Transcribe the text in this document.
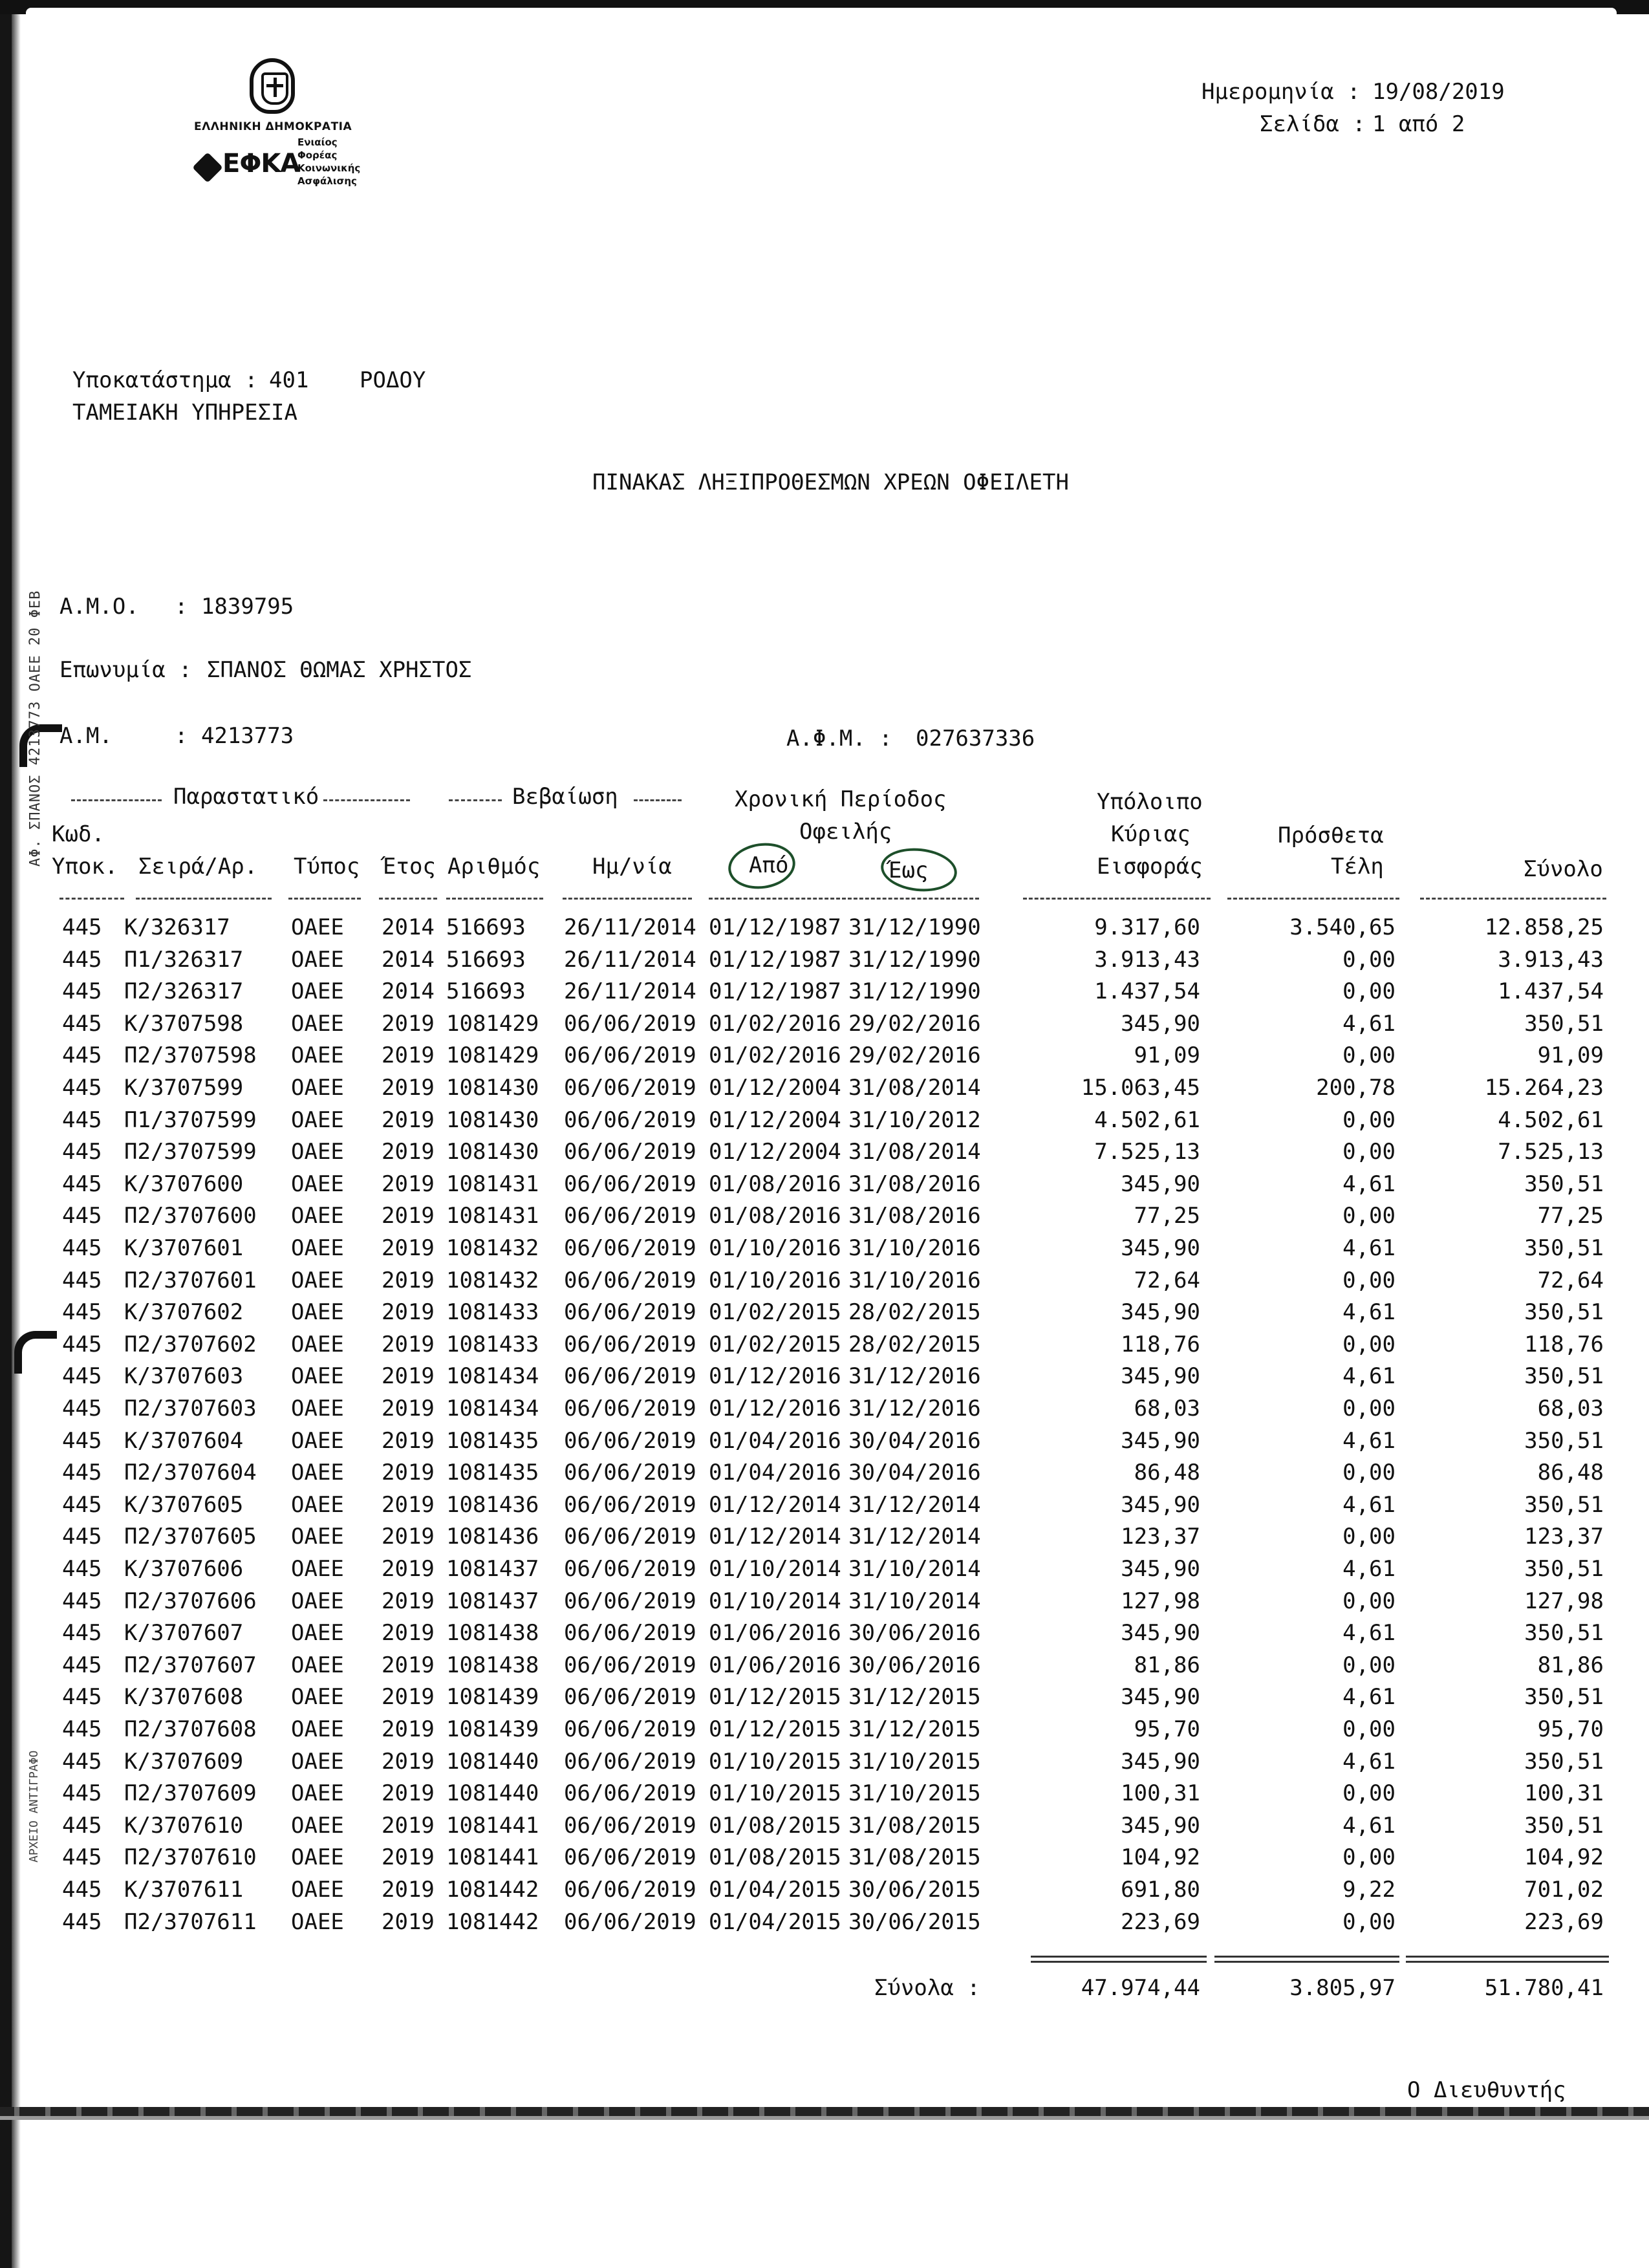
ΑΦ. ΣΠΑΝΟΣ 4213773 ΟΑΕΕ 20 ΦΕΒ
ΑΡΧΕΙΟ ΑΝΤΙΓΡΑΦΟ
ΕΛΛΗΝΙΚΗ ΔΗΜΟΚΡΑΤΙΑ
ΕΦΚΑ
Ενιαίος
Φορέας
Κοινωνικής
Ασφάλισης
Ημερομηνία : 19/08/2019
Σελίδα : 1 από 2
Υποκατάστημα : 401 ΡΟΔΟΥ
ΤΑΜΕΙΑΚΗ ΥΠΗΡΕΣΙΑ
ΠΙΝΑΚΑΣ ΛΗΞΙΠΡΟΘΕΣΜΩΝ ΧΡΕΩΝ ΟΦΕΙΛΕΤΗ
Α.Μ.Ο. : 1839795
Επωνυμία : ΣΠΑΝΟΣ ΘΩΜΑΣ ΧΡΗΣΤΟΣ
Α.Μ.	: 4213773	Α.Φ.Μ. : 027637336
Παραστατικό	Βεβαίωση	Χρονική Περίοδος
Οφειλής
Υπόλοιπο
Κύριας
Εισφοράς
Πρόσθετα
Τέλη
Κωδ.
Υποκ. Σειρά/Αρ. Τύπος Έτος Αριθμός Ημ/νία	Από	Έως	Σύνολο
445 Κ/326317	ΟΑΕΕ 2014 516693 26/11/2014 01/12/1987 31/12/1990	9.317,60	3.540,65	12.858,25
445 Π1/326317 ΟΑΕΕ 2014 516693 26/11/2014 01/12/1987 31/12/1990	3.913,43	0,00	3.913,43
445 Π2/326317 ΟΑΕΕ 2014 516693 26/11/2014 01/12/1987 31/12/1990	1.437,54	0,00	1.437,54
445 Κ/3707598 ΟΑΕΕ 2019 1081429 06/06/2019 01/02/2016 29/02/2016	345,90	4,61	350,51
445 Π2/3707598 ΟΑΕΕ 2019 1081429 06/06/2019 01/02/2016 29/02/2016	91,09	0,00	91,09
445 Κ/3707599 ΟΑΕΕ 2019 1081430 06/06/2019 01/12/2004 31/08/2014	15.063,45	200,78	15.264,23
445 Π1/3707599 ΟΑΕΕ 2019 1081430 06/06/2019 01/12/2004 31/10/2012	4.502,61	0,00	4.502,61
445 Π2/3707599 ΟΑΕΕ 2019 1081430 06/06/2019 01/12/2004 31/08/2014	7.525,13	0,00	7.525,13
445 Κ/3707600 ΟΑΕΕ 2019 1081431 06/06/2019 01/08/2016 31/08/2016	345,90	4,61	350,51
445 Π2/3707600 ΟΑΕΕ 2019 1081431 06/06/2019 01/08/2016 31/08/2016	77,25	0,00	77,25
445 Κ/3707601 ΟΑΕΕ 2019 1081432 06/06/2019 01/10/2016 31/10/2016	345,90	4,61	350,51
445 Π2/3707601 ΟΑΕΕ 2019 1081432 06/06/2019 01/10/2016 31/10/2016	72,64	0,00	72,64
445 Κ/3707602 ΟΑΕΕ 2019 1081433 06/06/2019 01/02/2015 28/02/2015	345,90	4,61	350,51
445 Π2/3707602 ΟΑΕΕ 2019 1081433 06/06/2019 01/02/2015 28/02/2015	118,76	0,00	118,76
445 Κ/3707603 ΟΑΕΕ 2019 1081434 06/06/2019 01/12/2016 31/12/2016	345,90	4,61	350,51
445 Π2/3707603 ΟΑΕΕ 2019 1081434 06/06/2019 01/12/2016 31/12/2016	68,03	0,00	68,03
445 Κ/3707604 ΟΑΕΕ 2019 1081435 06/06/2019 01/04/2016 30/04/2016	345,90	4,61	350,51
445 Π2/3707604 ΟΑΕΕ 2019 1081435 06/06/2019 01/04/2016 30/04/2016	86,48	0,00	86,48
445 Κ/3707605 ΟΑΕΕ 2019 1081436 06/06/2019 01/12/2014 31/12/2014	345,90	4,61	350,51
445 Π2/3707605 ΟΑΕΕ 2019 1081436 06/06/2019 01/12/2014 31/12/2014	123,37	0,00	123,37
445 Κ/3707606 ΟΑΕΕ 2019 1081437 06/06/2019 01/10/2014 31/10/2014	345,90	4,61	350,51
445 Π2/3707606 ΟΑΕΕ 2019 1081437 06/06/2019 01/10/2014 31/10/2014	127,98	0,00	127,98
445 Κ/3707607 ΟΑΕΕ 2019 1081438 06/06/2019 01/06/2016 30/06/2016	345,90	4,61	350,51
445 Π2/3707607 ΟΑΕΕ 2019 1081438 06/06/2019 01/06/2016 30/06/2016	81,86	0,00	81,86
445 Κ/3707608 ΟΑΕΕ 2019 1081439 06/06/2019 01/12/2015 31/12/2015	345,90	4,61	350,51
445 Π2/3707608 ΟΑΕΕ 2019 1081439 06/06/2019 01/12/2015 31/12/2015	95,70	0,00	95,70
445 Κ/3707609 ΟΑΕΕ 2019 1081440 06/06/2019 01/10/2015 31/10/2015	345,90	4,61	350,51
445 Π2/3707609 ΟΑΕΕ 2019 1081440 06/06/2019 01/10/2015 31/10/2015	100,31	0,00	100,31
445 Κ/3707610 ΟΑΕΕ 2019 1081441 06/06/2019 01/08/2015 31/08/2015	345,90	4,61	350,51
445 Π2/3707610 ΟΑΕΕ 2019 1081441 06/06/2019 01/08/2015 31/08/2015	104,92	0,00	104,92
445 Κ/3707611 ΟΑΕΕ 2019 1081442 06/06/2019 01/04/2015 30/06/2015	691,80	9,22	701,02
445 Π2/3707611 ΟΑΕΕ 2019 1081442 06/06/2019 01/04/2015 30/06/2015	223,69	0,00	223,69
Σύνολα :	47.974,44	3.805,97	51.780,41
Ο Διευθυντής
